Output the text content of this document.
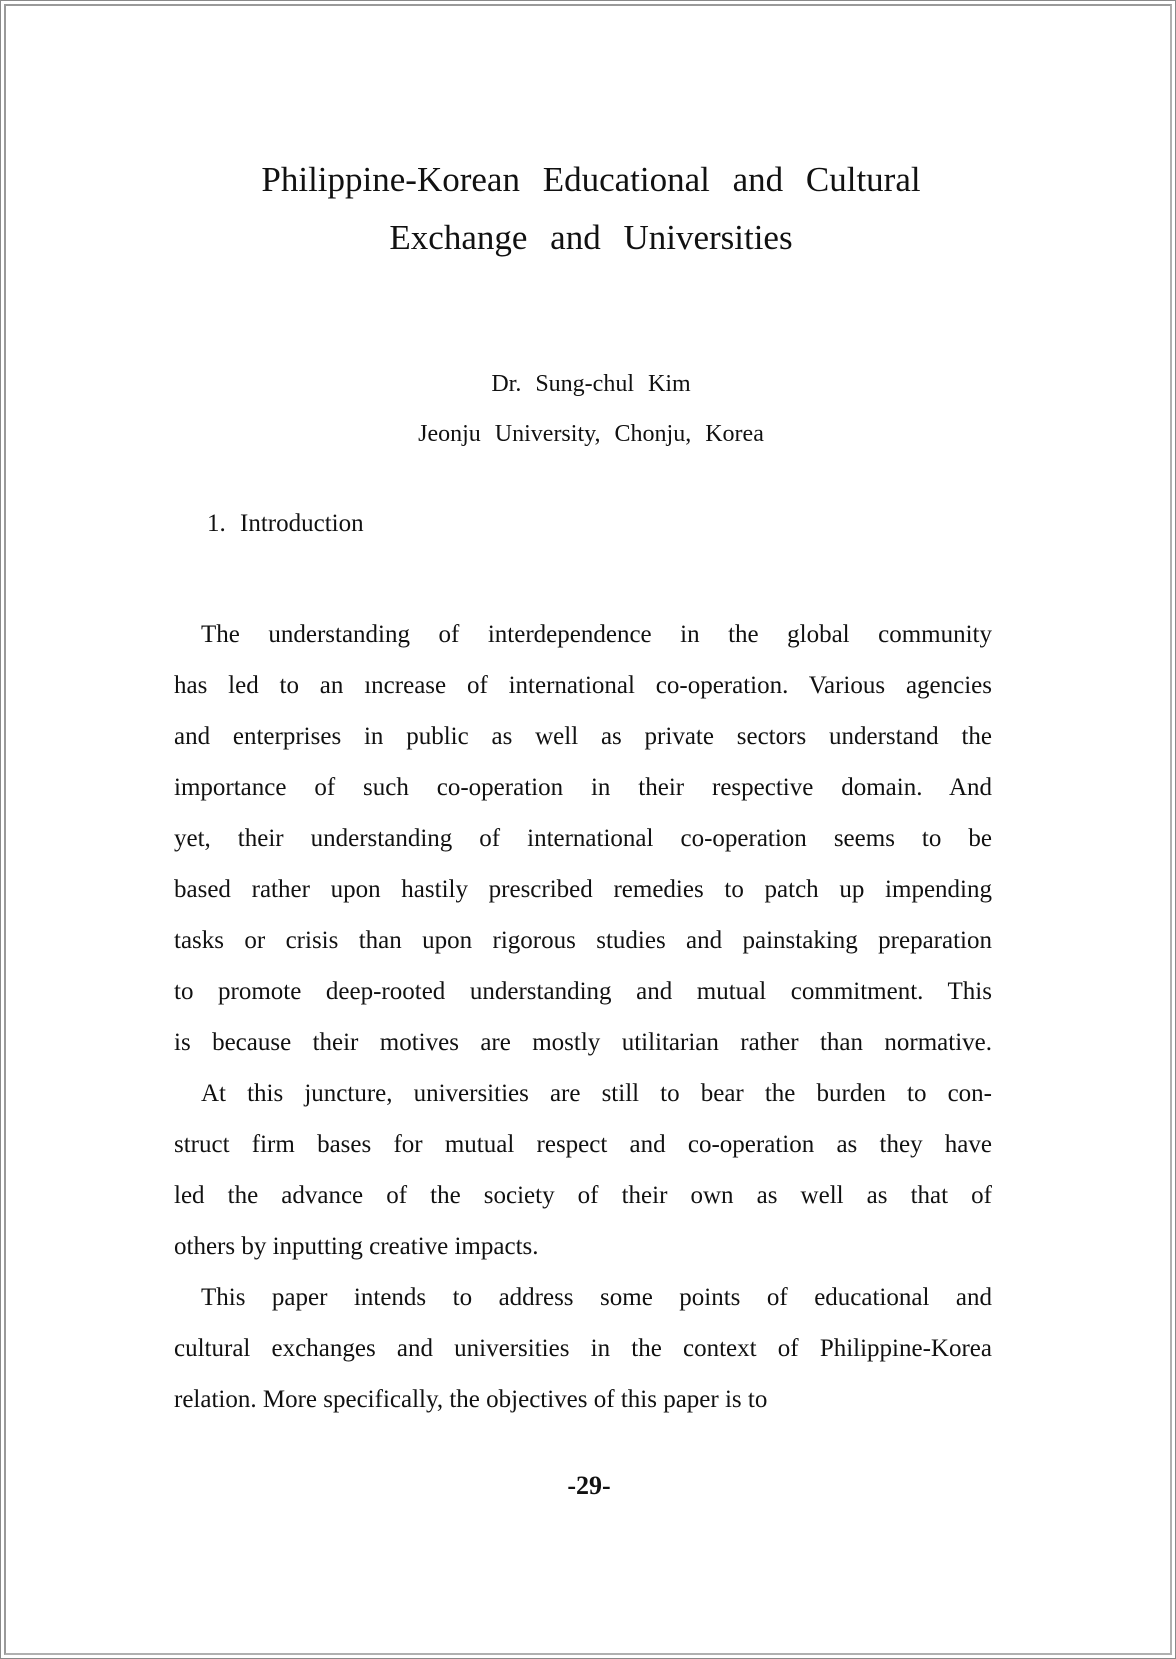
Philippine-Korean Educational and Cultural
Exchange and Universities
Dr. Sung-chul Kim
Jeonju University, Chonju, Korea
1. Introduction

The understanding of interdependence in the global community
has led to an ıncrease of international co-operation. Various agencies
and enterprises in public as well as private sectors understand the
importance of such co-operation in their respective domain. And
yet, their understanding of international co-operation seems to be
based rather upon hastily prescribed remedies to patch up impending
tasks or crisis than upon rigorous studies and painstaking preparation
to promote deep-rooted understanding and mutual commitment. This
is because their motives are mostly utilitarian rather than normative.

At this juncture, universities are still to bear the burden to con-
struct firm bases for mutual respect and co-operation as they have
led the advance of the society of their own as well as that of
others by inputting creative impacts.

This paper intends to address some points of educational and
cultural exchanges and universities in the context of Philippine-Korea
relation. More specifically, the objectives of this paper is to

-29-
